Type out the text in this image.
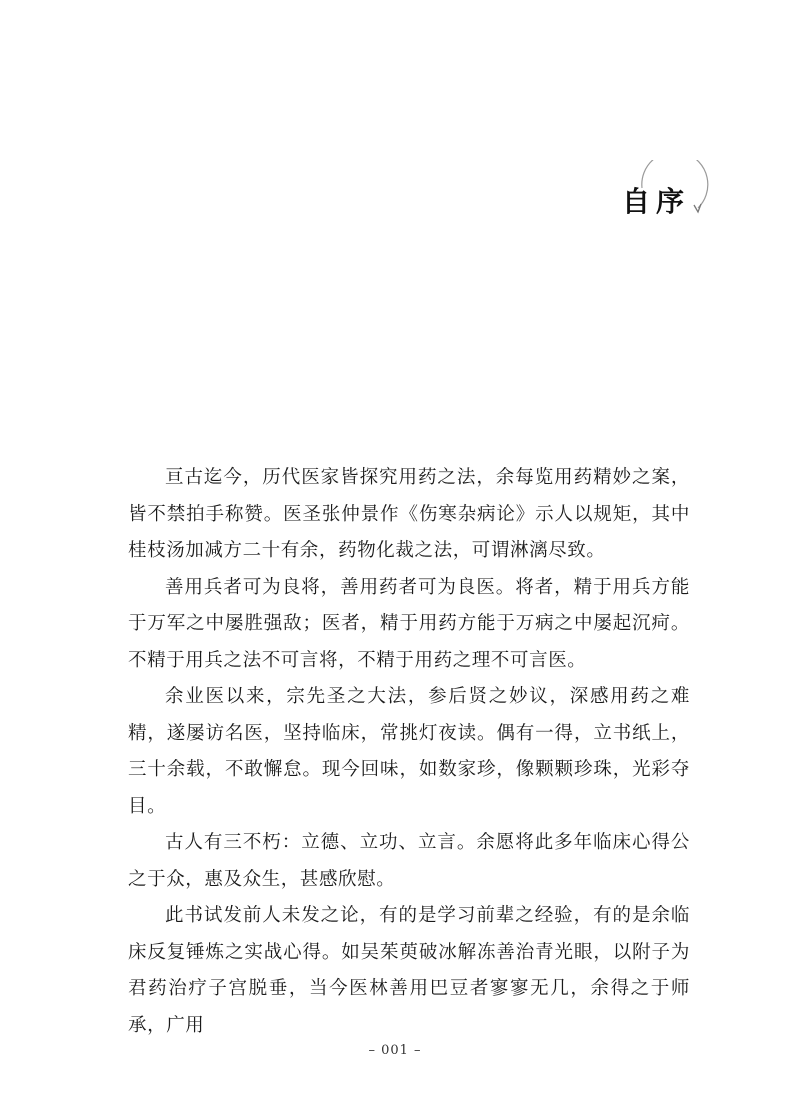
自序

亘古迄今，历代医家皆探究用药之法，余每览用药精妙之案，皆不禁拍手称赞。医圣张仲景作《伤寒杂病论》示人以规矩，其中桂枝汤加减方二十有余，药物化裁之法，可谓淋漓尽致。

善用兵者可为良将，善用药者可为良医。将者，精于用兵方能于万军之中屡胜强敌；医者，精于用药方能于万病之中屡起沉疴。不精于用兵之法不可言将，不精于用药之理不可言医。

余业医以来，宗先圣之大法，参后贤之妙议，深感用药之难精，遂屡访名医，坚持临床，常挑灯夜读。偶有一得，立书纸上，三十余载，不敢懈怠。现今回味，如数家珍，像颗颗珍珠，光彩夺目。

古人有三不朽：立德、立功、立言。余愿将此多年临床心得公之于众，惠及众生，甚感欣慰。

此书试发前人未发之论，有的是学习前辈之经验，有的是余临床反复锤炼之实战心得。如吴茱萸破冰解冻善治青光眼，以附子为君药治疗子宫脱垂，当今医林善用巴豆者寥寥无几，余得之于师承，广用

– 001 –
